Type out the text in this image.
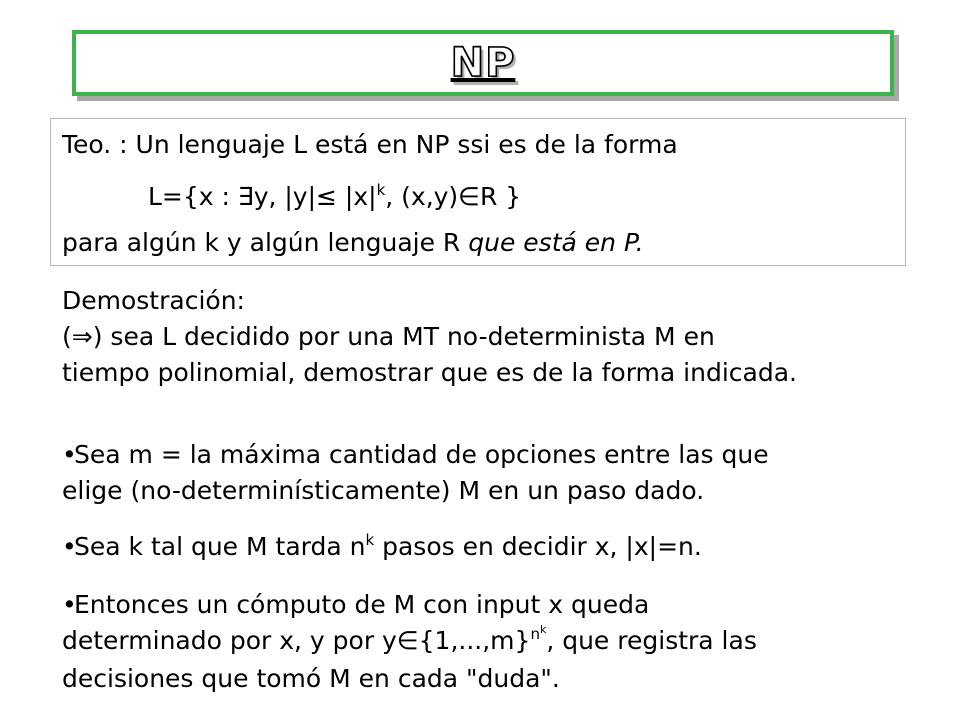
NP
Teo. : Un lenguaje L está en NP ssi es de la forma
L={x : ∃y, $|y|\le |x|^k$, (x,y)∈R }
para algún k y algún lenguaje R que está en P.
Demostración:
(⇒) sea L decidido por una MT no-determinista M en
tiempo polinomial, demostrar que es de la forma indicada.
•Sea m = la máxima cantidad de opciones entre las que
elige (no-determinísticamente) M en un paso dado.
•Sea k tal que M tarda $n^k$ pasos en decidir x, |x|=n.
•Entonces un cómputo de M con input x queda
determinado por x, y por $y\in\{1,...,m\}^{n^k}$, que registra las
decisiones que tomó M en cada "duda".
